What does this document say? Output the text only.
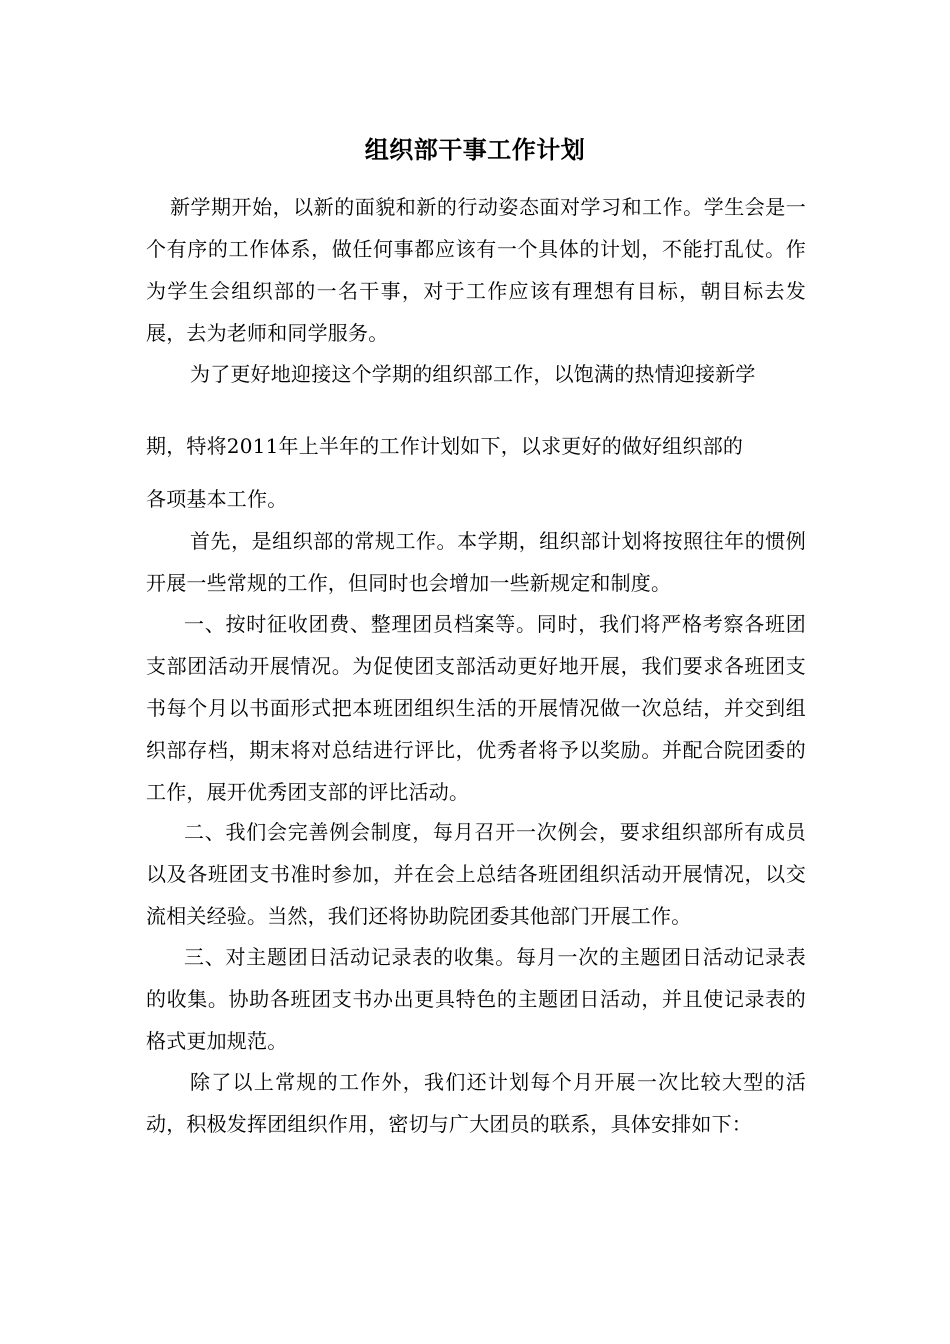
组织部干事工作计划

新学期开始，以新的面貌和新的行动姿态面对学习和工作。学生会是一个有序的工作体系，做任何事都应该有一个具体的计划，不能打乱仗。作为学生会组织部的一名干事，对于工作应该有理想有目标，朝目标去发展，去为老师和同学服务。

为了更好地迎接这个学期的组织部工作，以饱满的热情迎接新学

期，特将2011年上半年的工作计划如下，以求更好的做好组织部的

各项基本工作。

首先，是组织部的常规工作。本学期，组织部计划将按照往年的惯例开展一些常规的工作，但同时也会增加一些新规定和制度。

一、按时征收团费、整理团员档案等。同时，我们将严格考察各班团支部团活动开展情况。为促使团支部活动更好地开展，我们要求各班团支书每个月以书面形式把本班团组织生活的开展情况做一次总结，并交到组织部存档，期末将对总结进行评比，优秀者将予以奖励。并配合院团委的工作，展开优秀团支部的评比活动。

二、我们会完善例会制度，每月召开一次例会，要求组织部所有成员以及各班团支书准时参加，并在会上总结各班团组织活动开展情况，以交流相关经验。当然，我们还将协助院团委其他部门开展工作。

三、对主题团日活动记录表的收集。每月一次的主题团日活动记录表的收集。协助各班团支书办出更具特色的主题团日活动，并且使记录表的格式更加规范。

除了以上常规的工作外，我们还计划每个月开展一次比较大型的活动，积极发挥团组织作用，密切与广大团员的联系，具体安排如下：
